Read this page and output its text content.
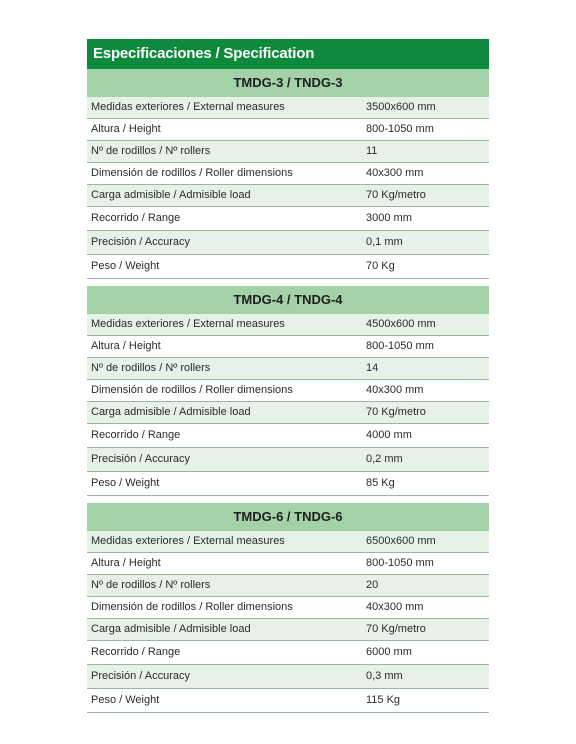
Especificaciones / Specification
TMDG-3 / TNDG-3
Medidas exteriores / External measures	3500x600 mm
Altura / Height	800-1050 mm
Nº de rodillos / Nº rollers	11
Dimensión de rodillos / Roller dimensions	40x300 mm
Carga admisible / Admisible load	70 Kg/metro
Recorrido / Range	3000 mm
Precisión / Accuracy	0,1 mm
Peso / Weight	70 Kg
TMDG-4 / TNDG-4
Medidas exteriores / External measures	4500x600 mm
Altura / Height	800-1050 mm
Nº de rodillos / Nº rollers	14
Dimensión de rodillos / Roller dimensions	40x300 mm
Carga admisible / Admisible load	70 Kg/metro
Recorrido / Range	4000 mm
Precisión / Accuracy	0,2 mm
Peso / Weight	85 Kg
TMDG-6 / TNDG-6
Medidas exteriores / External measures	6500x600 mm
Altura / Height	800-1050 mm
Nº de rodillos / Nº rollers	20
Dimensión de rodillos / Roller dimensions	40x300 mm
Carga admisible / Admisible load	70 Kg/metro
Recorrido / Range	6000 mm
Precisión / Accuracy	0,3 mm
Peso / Weight	115 Kg
